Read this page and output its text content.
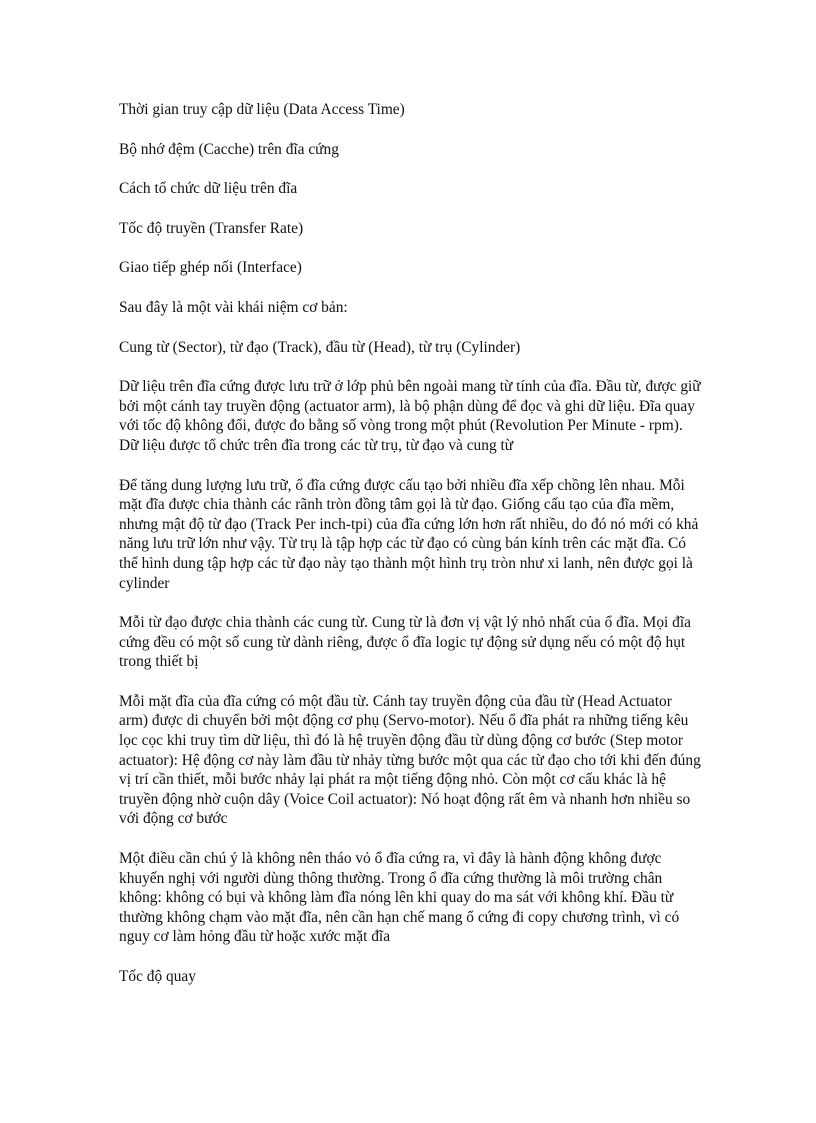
Thời gian truy cập dữ liệu (Data Access Time)

Bộ nhớ đệm (Cacche) trên đĩa cứng

Cách tổ chức dữ liệu trên đĩa

Tốc độ truyền (Transfer Rate)

Giao tiếp ghép nối (Interface)

Sau đây là một vài khái niệm cơ bản:

Cung từ (Sector), từ đạo (Track), đầu từ (Head), từ trụ (Cylinder)

Dữ liệu trên đĩa cứng được lưu trữ ở lớp phủ bên ngoài mang từ tính của đĩa. Đầu từ, được giữ bởi một cánh tay truyền động (actuator arm), là bộ phận dùng để đọc và ghi dữ liệu. Đĩa quay với tốc độ không đổi, được đo bằng số vòng trong một phút (Revolution Per Minute - rpm). Dữ liệu được tổ chức trên đĩa trong các từ trụ, từ đạo và cung từ

Để tăng dung lượng lưu trữ, ổ đĩa cứng được cấu tạo bởi nhiều đĩa xếp chồng lên nhau. Mỗi mặt đĩa được chia thành các rãnh tròn đồng tâm gọi là từ đạo. Giống cấu tạo của đĩa mềm, nhưng mật độ từ đạo (Track Per inch-tpi) của đĩa cứng lớn hơn rất nhiều, do đó nó mới có khả năng lưu trữ lớn như vậy. Từ trụ là tập hợp các từ đạo có cùng bán kính trên các mặt đĩa. Có thể hình dung tập hợp các từ đạo này tạo thành một hình trụ tròn như xi lanh, nên được gọi là cylinder

Mỗi từ đạo được chia thành các cung từ. Cung từ là đơn vị vật lý nhỏ nhất của ổ đĩa. Mọi đĩa cứng đều có một số cung từ dành riêng, được ổ đĩa logic tự động sử dụng nếu có một độ hụt trong thiết bị

Mỗi mặt đĩa của đĩa cứng có một đầu từ. Cánh tay truyền động của đầu từ (Head Actuator arm) được di chuyển bởi một động cơ phụ (Servo-motor). Nếu ổ đĩa phát ra những tiếng kêu lọc cọc khi truy tìm dữ liệu, thì đó là hệ truyền động đầu từ dùng động cơ bước (Step motor actuator): Hệ động cơ này làm đầu từ nhảy từng bước một qua các từ đạo cho tới khi đến đúng vị trí cần thiết, mỗi bước nhảy lại phát ra một tiếng động nhỏ. Còn một cơ cấu khác là hệ truyền động nhờ cuộn dây (Voice Coil actuator): Nó hoạt động rất êm và nhanh hơn nhiều so với động cơ bước

Một điều cần chú ý là không nên tháo vỏ ổ đĩa cứng ra, vì đây là hành động không được khuyến nghị với người dùng thông thường. Trong ổ đĩa cứng thường là môi trường chân không: không có bụi và không làm đĩa nóng lên khi quay do ma sát với không khí. Đầu từ thường không chạm vào mặt đĩa, nên cần hạn chế mang ổ cứng đi copy chương trình, vì có nguy cơ làm hỏng đầu từ hoặc xước mặt đĩa

Tốc độ quay
